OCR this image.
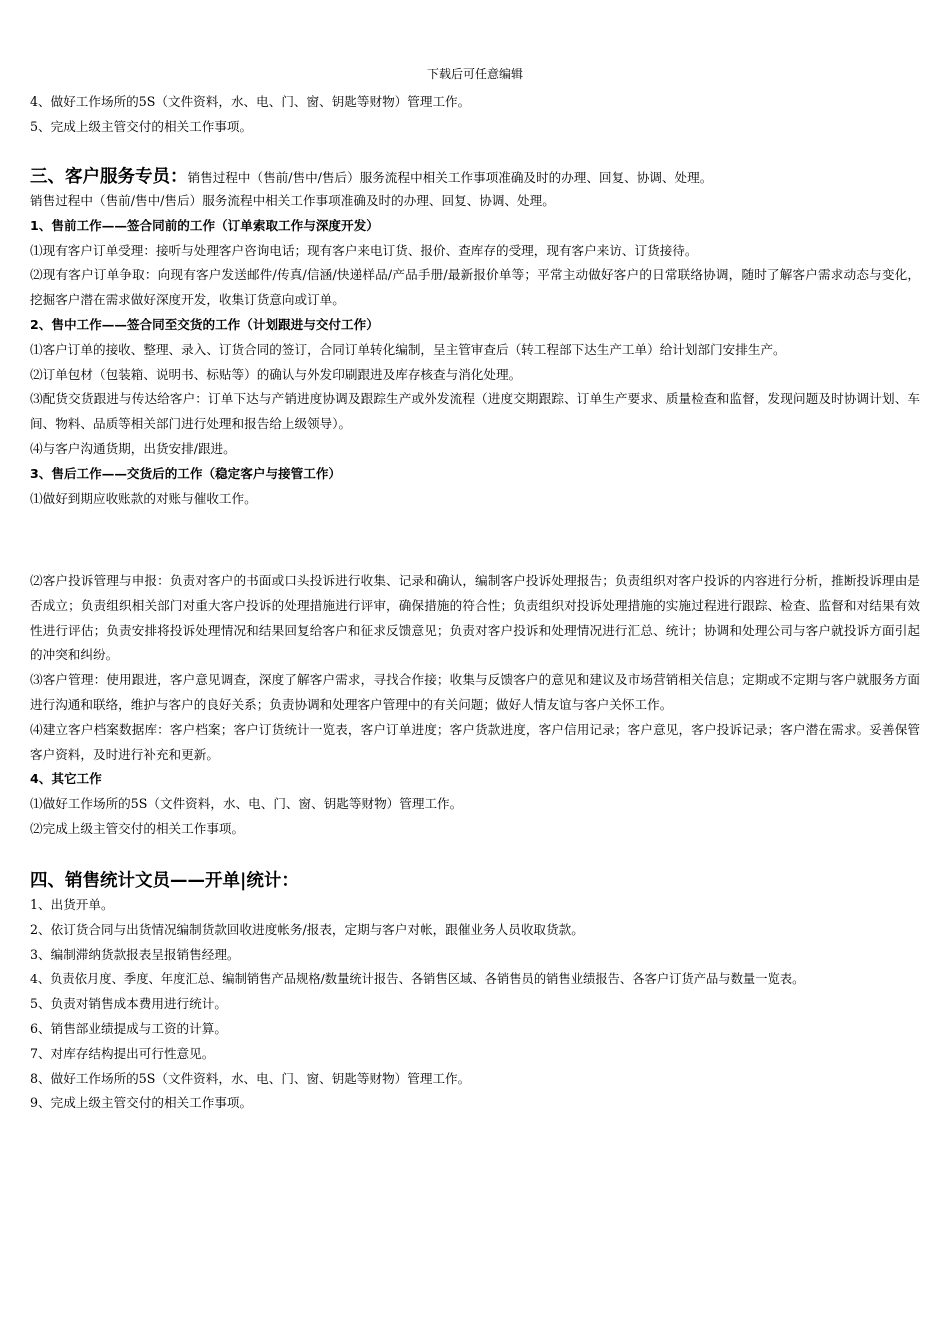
下载后可任意编辑
4、做好工作场所的5S（文件资料，水、电、门、窗、钥匙等财物）管理工作。
5、完成上级主管交付的相关工作事项。
三、客户服务专员：销售过程中（售前/售中/售后）服务流程中相关工作事项准确及时的办理、回复、协调、处理。
销售过程中（售前/售中/售后）服务流程中相关工作事项准确及时的办理、回复、协调、处理。
1、售前工作——签合同前的工作（订单索取工作与深度开发）
⑴现有客户订单受理：接听与处理客户咨询电话；现有客户来电订货、报价、查库存的受理，现有客户来访、订货接待。
⑵现有客户订单争取：向现有客户发送邮件/传真/信涵/快递样品/产品手册/最新报价单等；平常主动做好客户的日常联络协调，随时了解客户需求动态与变化，挖掘客户潜在需求做好深度开发，收集订货意向或订单。
2、售中工作——签合同至交货的工作（计划跟进与交付工作）
⑴客户订单的接收、整理、录入、订货合同的签订，合同订单转化编制，呈主管审查后（转工程部下达生产工单）给计划部门安排生产。
⑵订单包材（包装箱、说明书、标贴等）的确认与外发印刷跟进及库存核查与消化处理。
⑶配货交货跟进与传达给客户：订单下达与产销进度协调及跟踪生产或外发流程（进度交期跟踪、订单生产要求、质量检查和监督，发现问题及时协调计划、车间、物料、品质等相关部门进行处理和报告给上级领导）。
⑷与客户沟通货期，出货安排/跟进。
3、售后工作——交货后的工作（稳定客户与接管工作）
⑴做好到期应收账款的对账与催收工作。
⑵客户投诉管理与申报：负责对客户的书面或口头投诉进行收集、记录和确认，编制客户投诉处理报告；负责组织对客户投诉的内容进行分析，推断投诉理由是否成立；负责组织相关部门对重大客户投诉的处理措施进行评审，确保措施的符合性；负责组织对投诉处理措施的实施过程进行跟踪、检查、监督和对结果有效性进行评估；负责安排将投诉处理情况和结果回复给客户和征求反馈意见；负责对客户投诉和处理情况进行汇总、统计；协调和处理公司与客户就投诉方面引起的冲突和纠纷。
⑶客户管理：使用跟进，客户意见调查，深度了解客户需求，寻找合作接；收集与反馈客户的意见和建议及市场营销相关信息；定期或不定期与客户就服务方面进行沟通和联络，维护与客户的良好关系；负责协调和处理客户管理中的有关问题；做好人情友谊与客户关怀工作。
⑷建立客户档案数据库：客户档案；客户订货统计一览表，客户订单进度；客户货款进度，客户信用记录；客户意见，客户投诉记录；客户潜在需求。妥善保管客户资料，及时进行补充和更新。
4、其它工作
⑴做好工作场所的5S（文件资料，水、电、门、窗、钥匙等财物）管理工作。
⑵完成上级主管交付的相关工作事项。
四、销售统计文员——开单|统计：
1、出货开单。
2、依订货合同与出货情况编制货款回收进度帐务/报表，定期与客户对帐，跟催业务人员收取货款。
3、编制滞纳货款报表呈报销售经理。
4、负责依月度、季度、年度汇总、编制销售产品规格/数量统计报告、各销售区域、各销售员的销售业绩报告、各客户订货产品与数量一览表。
5、负责对销售成本费用进行统计。
6、销售部业绩提成与工资的计算。
7、对库存结构提出可行性意见。
8、做好工作场所的5S（文件资料，水、电、门、窗、钥匙等财物）管理工作。
9、完成上级主管交付的相关工作事项。
